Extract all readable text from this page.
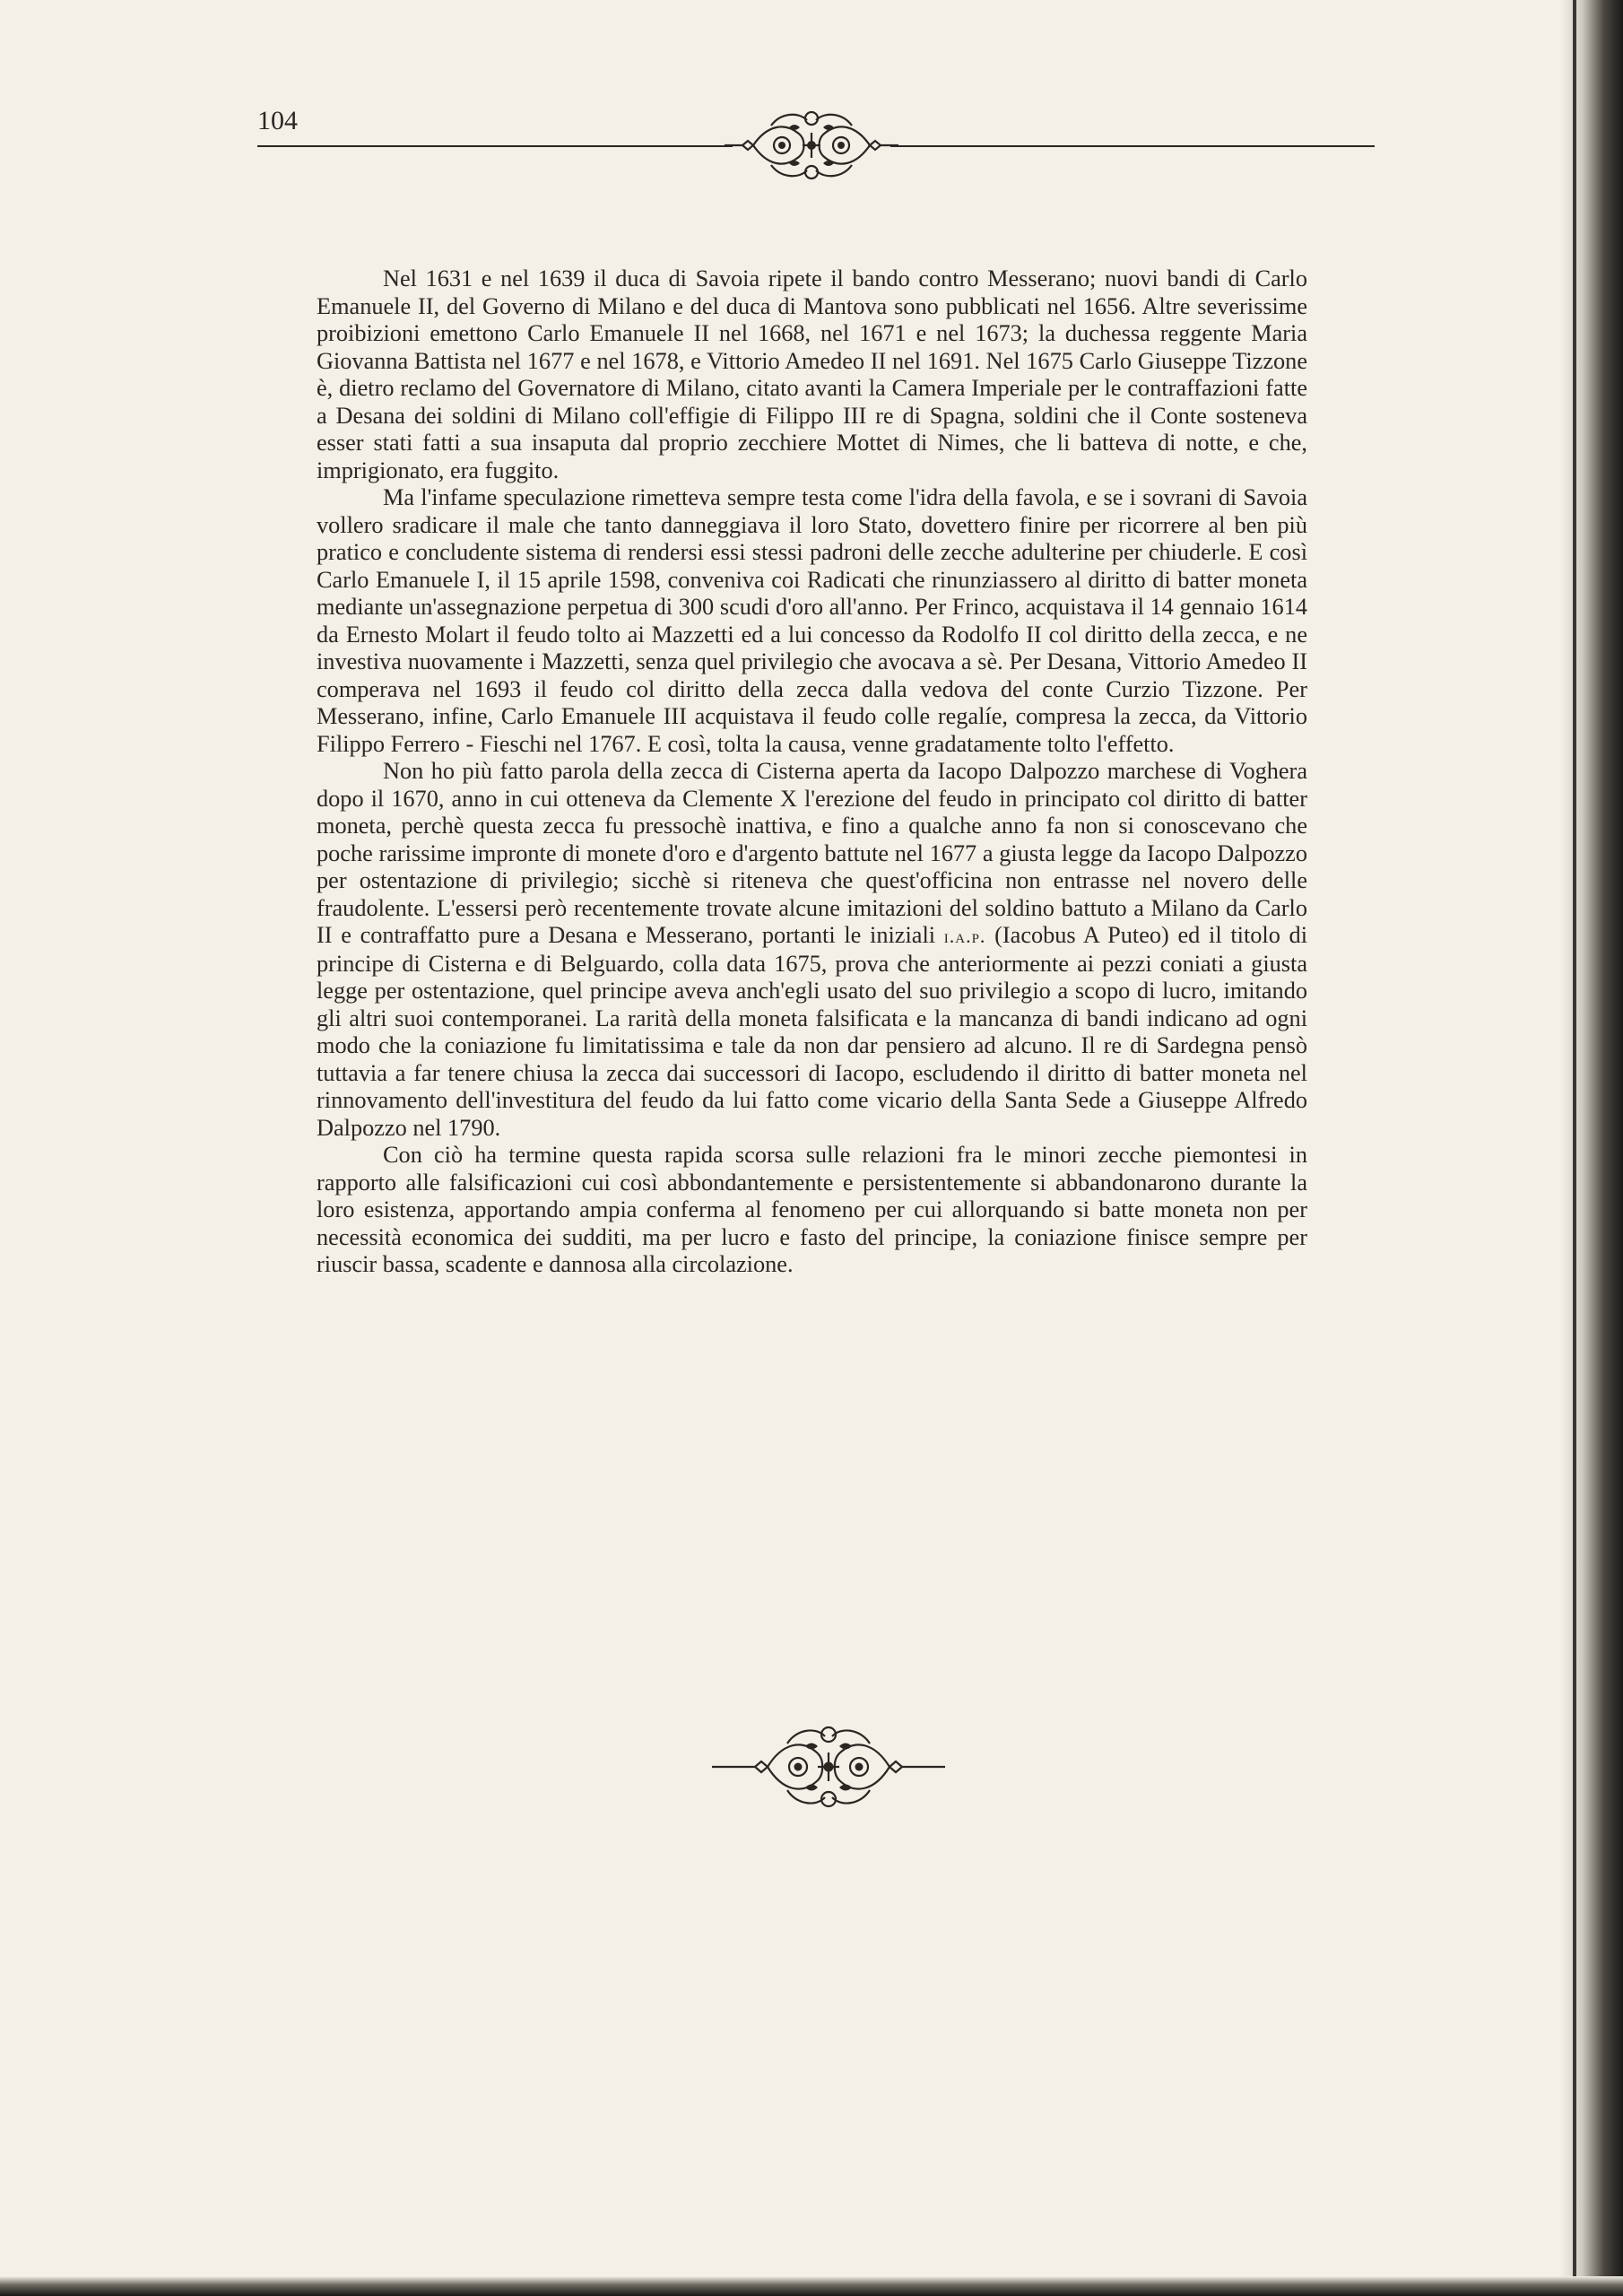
104

Nel 1631 e nel 1639 il duca di Savoia ripete il bando contro Messerano; nuovi bandi di Carlo Emanuele II, del Governo di Milano e del duca di Mantova sono pubblicati nel 1656. Altre severissime proibizioni emettono Carlo Emanuele II nel 1668, nel 1671 e nel 1673; la duchessa reggente Maria Giovanna Battista nel 1677 e nel 1678, e Vittorio Amedeo II nel 1691. Nel 1675 Carlo Giuseppe Tizzone è, dietro reclamo del Governatore di Milano, citato avanti la Camera Imperiale per le contraffazioni fatte a Desana dei soldini di Milano coll'effigie di Filippo III re di Spagna, soldini che il Conte sosteneva esser stati fatti a sua insaputa dal proprio zecchiere Mottet di Nimes, che li batteva di notte, e che, imprigionato, era fuggito.

Ma l'infame speculazione rimetteva sempre testa come l'idra della favola, e se i sovrani di Savoia vollero sradicare il male che tanto danneggiava il loro Stato, dovettero finire per ricorrere al ben più pratico e concludente sistema di rendersi essi stessi padroni delle zecche adulterine per chiuderle. E così Carlo Emanuele I, il 15 aprile 1598, conveniva coi Radicati che rinunziassero al diritto di batter moneta mediante un'assegnazione perpetua di 300 scudi d'oro all'anno. Per Frinco, acquistava il 14 gennaio 1614 da Ernesto Molart il feudo tolto ai Mazzetti ed a lui concesso da Rodolfo II col diritto della zecca, e ne investiva nuovamente i Mazzetti, senza quel privilegio che avocava a sè. Per Desana, Vittorio Amedeo II comperava nel 1693 il feudo col diritto della zecca dalla vedova del conte Curzio Tizzone. Per Messerano, infine, Carlo Emanuele III acquistava il feudo colle regalíe, compresa la zecca, da Vittorio Filippo Ferrero - Fieschi nel 1767. E così, tolta la causa, venne gradatamente tolto l'effetto.

Non ho più fatto parola della zecca di Cisterna aperta da Iacopo Dalpozzo marchese di Voghera dopo il 1670, anno in cui otteneva da Clemente X l'erezione del feudo in principato col diritto di batter moneta, perchè questa zecca fu pressochè inattiva, e fino a qualche anno fa non si conoscevano che poche rarissime impronte di monete d'oro e d'argento battute nel 1677 a giusta legge da Iacopo Dalpozzo per ostentazione di privilegio; sicchè si riteneva che quest'officina non entrasse nel novero delle fraudolente. L'essersi però recentemente trovate alcune imitazioni del soldino battuto a Milano da Carlo II e contraffatto pure a Desana e Messerano, portanti le iniziali i.a.p. (Iacobus A Puteo) ed il titolo di principe di Cisterna e di Belguardo, colla data 1675, prova che anteriormente ai pezzi coniati a giusta legge per ostentazione, quel principe aveva anch'egli usato del suo privilegio a scopo di lucro, imitando gli altri suoi contemporanei. La rarità della moneta falsificata e la mancanza di bandi indicano ad ogni modo che la coniazione fu limitatissima e tale da non dar pensiero ad alcuno. Il re di Sardegna pensò tuttavia a far tenere chiusa la zecca dai successori di Iacopo, escludendo il diritto di batter moneta nel rinnovamento dell'investitura del feudo da lui fatto come vicario della Santa Sede a Giuseppe Alfredo Dalpozzo nel 1790.

Con ciò ha termine questa rapida scorsa sulle relazioni fra le minori zecche piemontesi in rapporto alle falsificazioni cui così abbondantemente e persistentemente si abbandonarono durante la loro esistenza, apportando ampia conferma al fenomeno per cui allorquando si batte moneta non per necessità economica dei sudditi, ma per lucro e fasto del principe, la coniazione finisce sempre per riuscir bassa, scadente e dannosa alla circolazione.
